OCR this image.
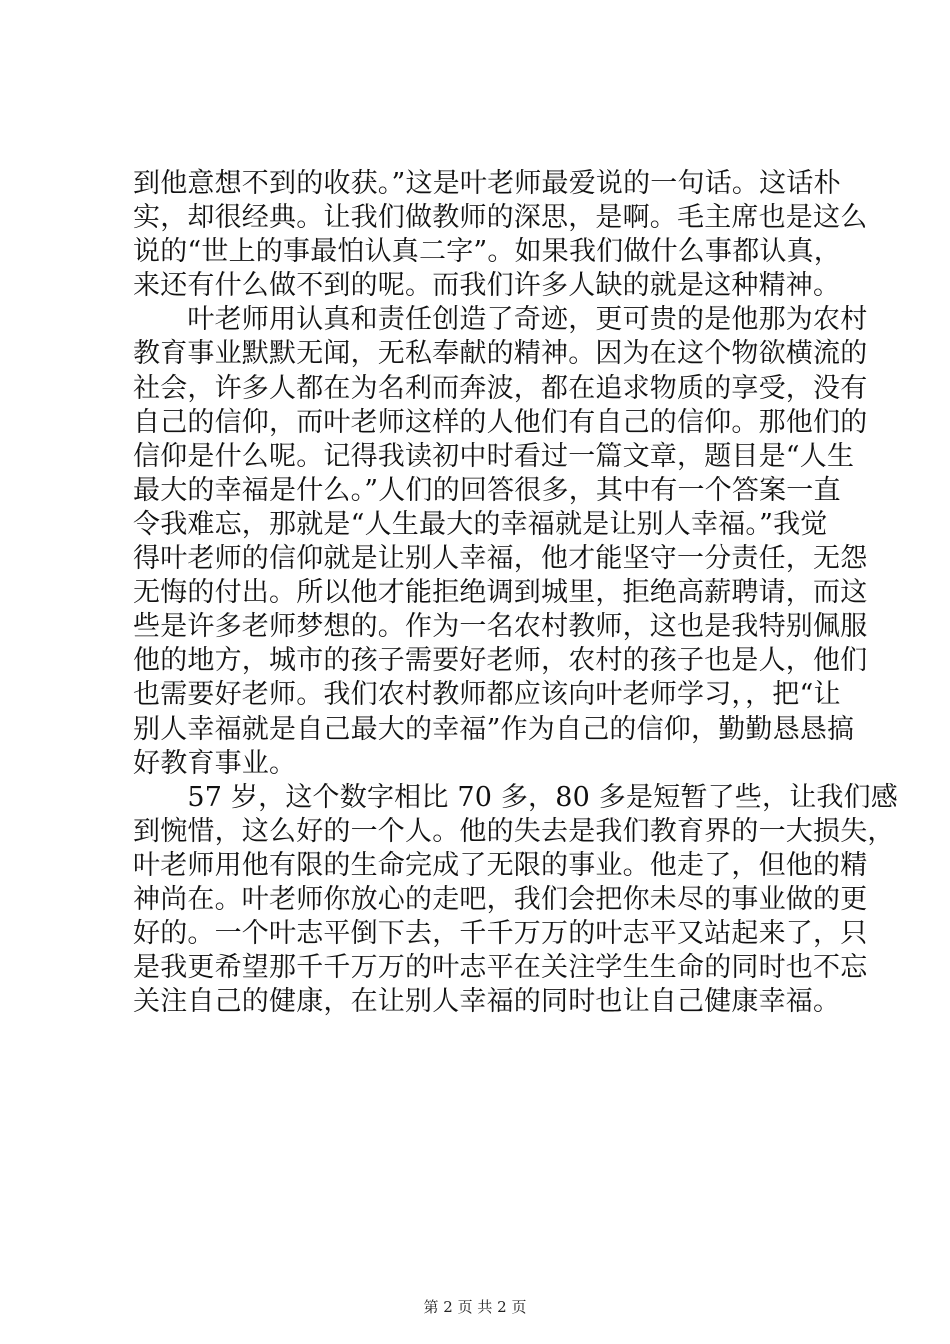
到他意想不到的收获。”这是叶老师最爱说的一句话。这话朴
实，却很经典。让我们做教师的深思，是啊。毛主席也是这么
说的“世上的事最怕认真二字”。如果我们做什么事都认真，
来还有什么做不到的呢。而我们许多人缺的就是这种精神。
　　叶老师用认真和责任创造了奇迹，更可贵的是他那为农村
教育事业默默无闻，无私奉献的精神。因为在这个物欲横流的
社会，许多人都在为名利而奔波，都在追求物质的享受，没有
自己的信仰，而叶老师这样的人他们有自己的信仰。那他们的
信仰是什么呢。记得我读初中时看过一篇文章，题目是“人生
最大的幸福是什么。”人们的回答很多，其中有一个答案一直
令我难忘，那就是“人生最大的幸福就是让别人幸福。”我觉
得叶老师的信仰就是让别人幸福，他才能坚守一分责任，无怨
无悔的付出。所以他才能拒绝调到城里，拒绝高薪聘请，而这
些是许多老师梦想的。作为一名农村教师，这也是我特别佩服
他的地方，城市的孩子需要好老师，农村的孩子也是人，他们
也需要好老师。我们农村教师都应该向叶老师学习，，把“让
别人幸福就是自己最大的幸福”作为自己的信仰，勤勤恳恳搞
好教育事业。
　　57 岁，这个数字相比 70 多，80 多是短暂了些，让我们感
到惋惜，这么好的一个人。他的失去是我们教育界的一大损失，
叶老师用他有限的生命完成了无限的事业。他走了，但他的精
神尚在。叶老师你放心的走吧，我们会把你未尽的事业做的更
好的。一个叶志平倒下去，千千万万的叶志平又站起来了，只
是我更希望那千千万万的叶志平在关注学生生命的同时也不忘
关注自己的健康，在让别人幸福的同时也让自己健康幸福。
第 2 页 共 2 页
